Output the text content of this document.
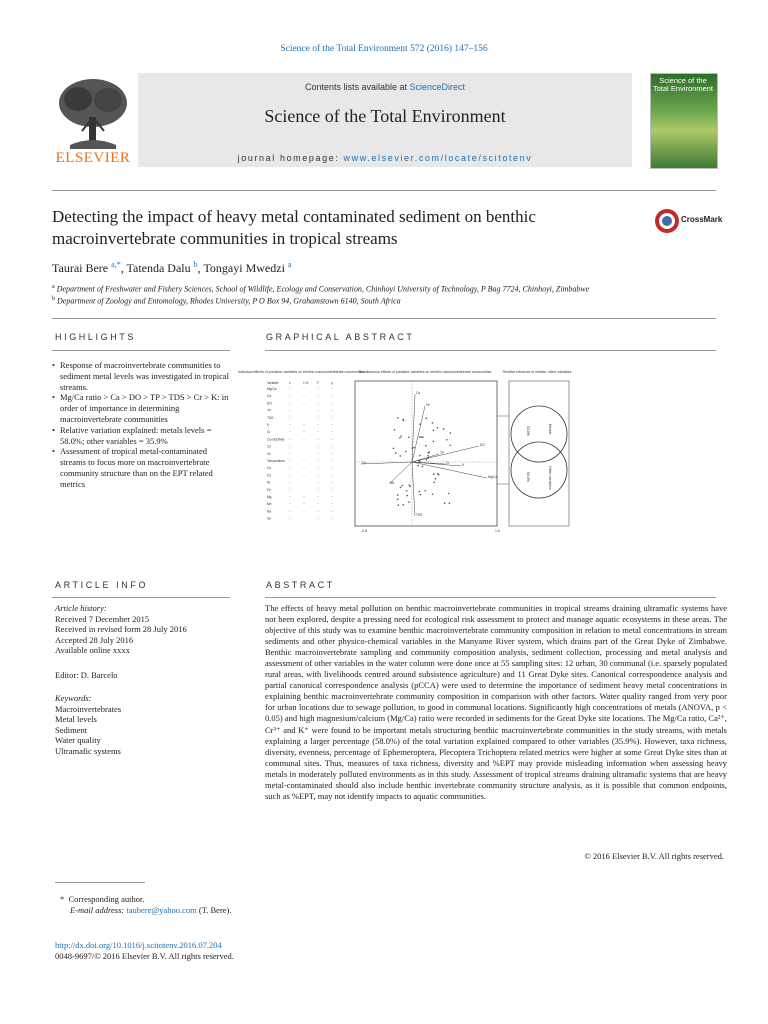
Science of the Total Environment 572 (2016) 147–156
Contents lists available at ScienceDirect
Science of the Total Environment
journal homepage: www.elsevier.com/locate/scitotenv
ELSEVIER
Science of the Total Environment
Detecting the impact of heavy metal contaminated sediment on benthic macroinvertebrate communities in tropical streams
CrossMark
Taurai Bere $^{a,*}$, Tatenda Dalu $^b$, Tongayi Mwedzi $^a$
$^a$ Department of Freshwater and Fishery Sciences, School of Wildlife, Ecology and Conservation, Chinhoyi University of Technology, P Bag 7724, Chinhoyi, Zimbabwe
$^b$ Department of Zoology and Entomology, Rhodes University, P O Box 94, Grahamstown 6140, South Africa
HIGHLIGHTS
• Response of macroinvertebrate communities to sediment metal levels was investigated in tropical streams.
• Mg/Ca ratio > Ca > DO > TP > TDS > Cr > K: in order of importance in determining macroinvertebrate communities
• Relative variation explained: metals levels = 58.0%; other variables = 35.9%
• Assessment of tropical metal-contaminated streams to focus more on macroinvertebrate community structure than on the EPT related metrics
GRAPHICAL ABSTRACT
Individual effects of predictor variables on benthic macroinvertebrate communities
Simultaneous effects of predictor variables on benthic macroinvertebrate communities	Relative influence of metals / other variables
Variable	λ	λ %	F	p
Mg/Ca	··	··	··	··
Ca	··	··	··	··
DO	··	··	··	··
TP	··	··	··	··
TDS	··	··	··	··
K	··	··	··	··
Cr	··	··	··	··
Conductivity ··	··	··	··
Co	··	··	··	··
Zn	··	··	··	··
Temperature ··	··	··	··
Cu	··	··	··	··
Cd	··	··	··	··
Ni	··	··	··	··
Fe	··	··	··	··
Mg	··	··	··	··
Mn	··	··	··	··
Na	··	··	··	··
Se	··	··	··	··
Mg/Ca
Ca
DO
TP
TDS
Cr	K
Cu
Fe
Mn
-0.8	1.0
33.8%	Metals
58.0%	Other variables
ARTICLE INFO
Article history:
Received 7 December 2015
Received in revised form 28 July 2016
Accepted 28 July 2016
Available online xxxx
Editor: D. Barcelo
Keywords:
Macroinvertebrates
Metal levels
Sediment
Water quality
Ultramafic systems
ABSTRACT
The effects of heavy metal pollution on benthic macroinvertebrate communities in tropical streams draining ultramafic systems have not been explored, despite a pressing need for ecological risk assessment to protect and manage aquatic ecosystems in these areas. The objective of this study was to examine benthic macroinvertebrate community composition in relation to metal concentrations in stream sediments and other physico-chemical variables in the Manyame River system, which drains part of the Great Dyke of Zimbabwe. Benthic macroinvertebrate sampling and community composition analysis, sediment collection, processing and metal analysis and assessment of other variables in the water column were done once at 55 sampling sites: 12 urban, 30 communal (i.e. sparsely populated rural areas, with livelihoods centred around subsistence agriculture) and 11 Great Dyke sites. Canonical correspondence analysis and partial canonical correspondence analysis (pCCA) were used to determine the importance of sediment heavy metal concentrations in explaining benthic macroinvertebrate community composition in comparison with other factors. Water quality ranged from very poor for urban locations due to sewage pollution, to good in communal locations. Significantly high concentrations of metals (ANOVA, p < 0.05) and high magnesium/calcium (Mg/Ca) ratio were recorded in sediments for the Great Dyke site locations. The Mg/Ca ratio, Ca²⁺, Cr³⁺ and K⁺ were found to be important metals structuring benthic macroinvertebrate communities in the study streams, with metals explaining a larger percentage (58.0%) of the total variation explained compared to other variables (35.9%). However, taxa richness, diversity, evenness, percentage of Ephemeroptera, Plecoptera Trichoptera related metrics were higher at some Great Dyke sites than at communal sites. Thus, measures of taxa richness, diversity and %EPT may provide misleading information when assessing heavy metals in moderately polluted environments as in this study. Assessment of tropical streams draining ultramafic systems that are heavy metal-contaminated should also include benthic invertebrate community structure analysis, as it is possible that common endpoints, such as %EPT, may not identify impacts to aquatic communities.
© 2016 Elsevier B.V. All rights reserved.
* Corresponding author.
E-mail address: taubere@yahoo.com (T. Bere).
http://dx.doi.org/10.1016/j.scitotenv.2016.07.204
0048-9697/© 2016 Elsevier B.V. All rights reserved.
